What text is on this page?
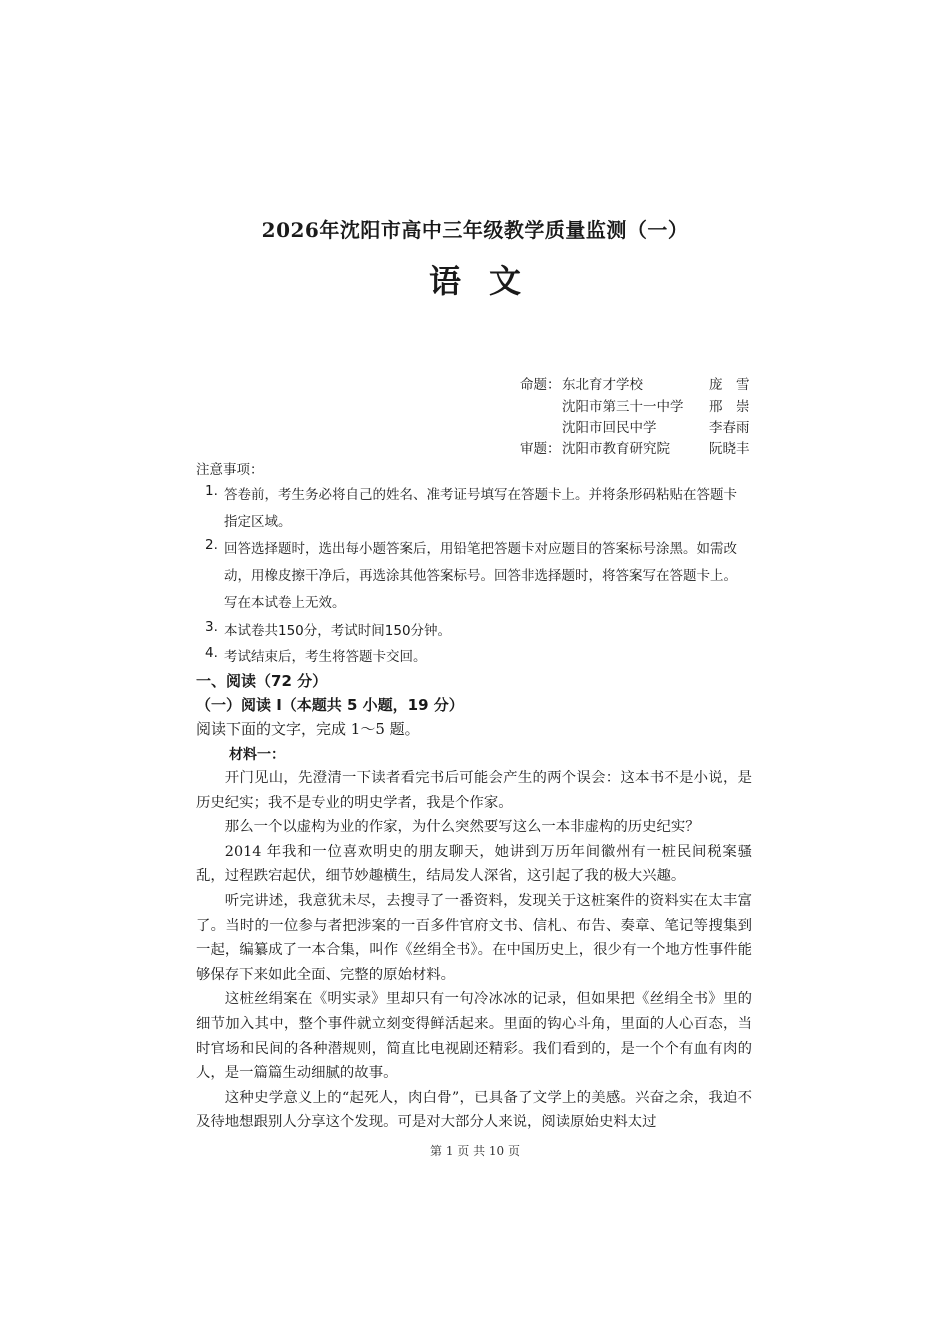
2026年沈阳市高中三年级教学质量监测（一）
语文
命题： 东北育才学校	庞　雪
沈阳市第三十一中学 邢　崇
沈阳市回民中学	李春雨
审题： 沈阳市教育研究院	阮晓丰
注意事项：
1. 答卷前，考生务必将自己的姓名、准考证号填写在答题卡上。并将条形码粘贴在答题卡
指定区域。
2. 回答选择题时，选出每小题答案后，用铅笔把答题卡对应题目的答案标号涂黑。如需改
动，用橡皮擦干净后，再选涂其他答案标号。回答非选择题时，将答案写在答题卡上。
写在本试卷上无效。
3. 本试卷共150分，考试时间150分钟。
4. 考试结束后，考生将答题卡交回。
一、阅读（72 分）
（一）阅读 I（本题共 5 小题，19 分）
阅读下面的文字，完成 1～5 题。
材料一：

开门见山，先澄清一下读者看完书后可能会产生的两个误会：这本书不是小说，是历史纪实；我不是专业的明史学者，我是个作家。

那么一个以虚构为业的作家，为什么突然要写这么一本非虚构的历史纪实？

2014 年我和一位喜欢明史的朋友聊天，她讲到万历年间徽州有一桩民间税案骚乱，过程跌宕起伏，细节妙趣横生，结局发人深省，这引起了我的极大兴趣。

听完讲述，我意犹未尽，去搜寻了一番资料，发现关于这桩案件的资料实在太丰富了。当时的一位参与者把涉案的一百多件官府文书、信札、布告、奏章、笔记等搜集到一起，编纂成了一本合集，叫作《丝绢全书》。在中国历史上，很少有一个地方性事件能够保存下来如此全面、完整的原始材料。

这桩丝绢案在《明实录》里却只有一句冷冰冰的记录，但如果把《丝绢全书》里的细节加入其中，整个事件就立刻变得鲜活起来。里面的钩心斗角，里面的人心百态，当时官场和民间的各种潜规则，简直比电视剧还精彩。我们看到的，是一个个有血有肉的人，是一篇篇生动细腻的故事。

这种史学意义上的“起死人，肉白骨”，已具备了文学上的美感。兴奋之余，我迫不及待地想跟别人分享这个发现。可是对大部分人来说，阅读原始史料太过

第 1 页 共 10 页
